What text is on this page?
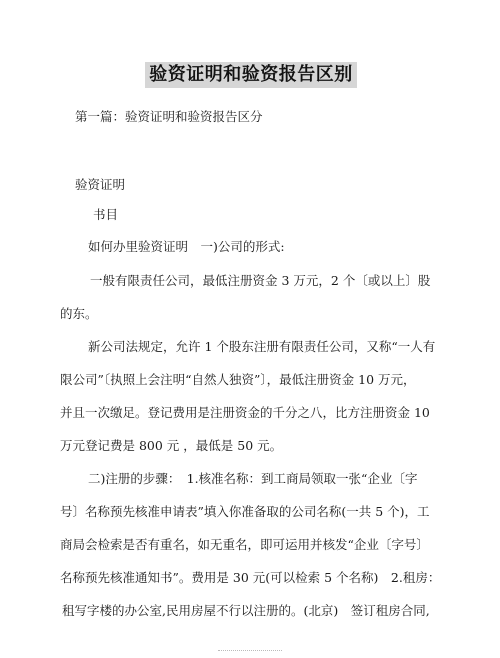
验资证明和验资报告区别
第一篇：验资证明和验资报告区分
验资证明
书目
如何办里验资证明　一)公司的形式:
一般有限责任公司，最低注册资金 3 万元，2 个〔或以上〕股
的东。
新公司法规定，允许 1 个股东注册有限责任公司，又称“一人有
限公司”〔执照上会注明“自然人独资”〕，最低注册资金 10 万元，
并且一次缴足。登记费用是注册资金的千分之八，比方注册资金 10
万元登记费是 800 元 ，最低是 50 元。
二)注册的步骤：　1.核准名称：到工商局领取一张“企业〔字
号〕名称预先核准申请表”填入你准备取的公司名称(一共 5 个)，工
商局会检索是否有重名，如无重名，即可运用并核发“企业〔字号〕
名称预先核准通知书”。费用是 30 元(可以检索 5 个名称)　2.租房：
租写字楼的办公室,民用房屋不行以注册的。(北京)　签订租房合同,
